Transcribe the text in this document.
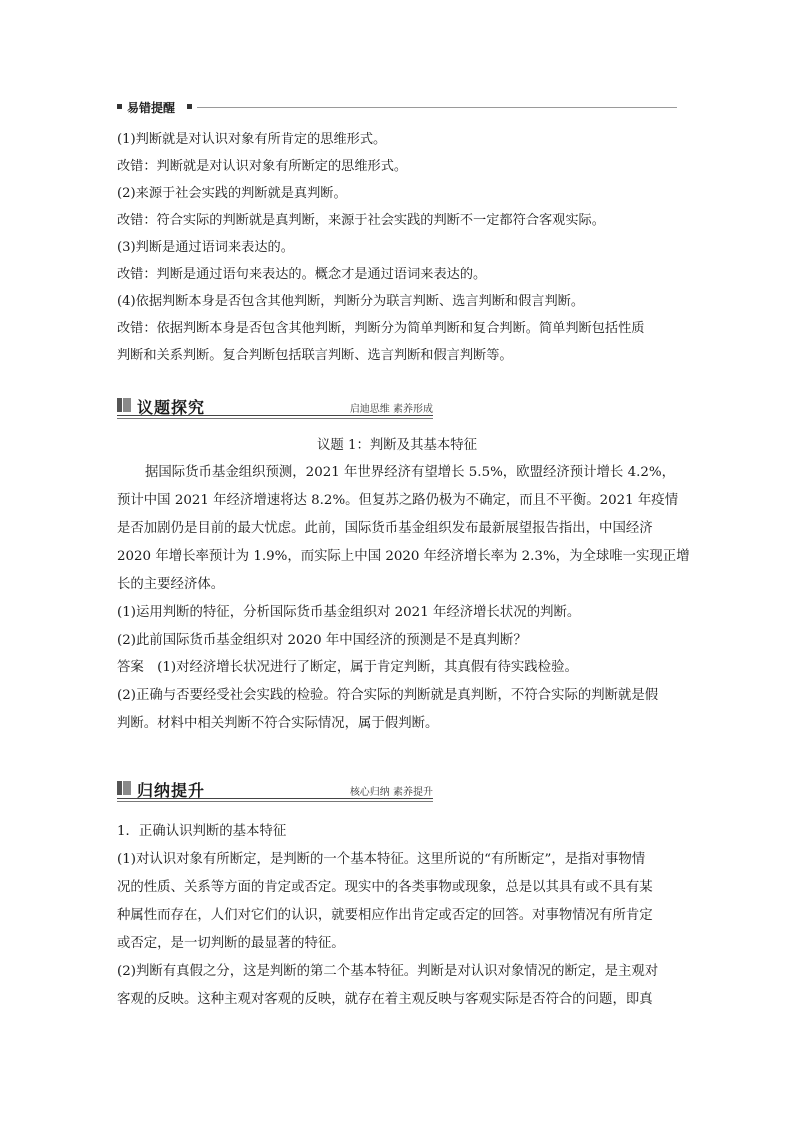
易错提醒
(1)判断就是对认识对象有所肯定的思维形式。
改错：判断就是对认识对象有所断定的思维形式。
(2)来源于社会实践的判断就是真判断。
改错：符合实际的判断就是真判断，来源于社会实践的判断不一定都符合客观实际。
(3)判断是通过语词来表达的。
改错：判断是通过语句来表达的。概念才是通过语词来表达的。
(4)依据判断本身是否包含其他判断，判断分为联言判断、选言判断和假言判断。
改错：依据判断本身是否包含其他判断，判断分为简单判断和复合判断。简单判断包括性质
判断和关系判断。复合判断包括联言判断、选言判断和假言判断等。
议题探究	启迪思维 素养形成
议题 1：判断及其基本特征
据国际货币基金组织预测，2021 年世界经济有望增长 5.5%，欧盟经济预计增长 4.2%，
预计中国 2021 年经济增速将达 8.2%。但复苏之路仍极为不确定，而且不平衡。2021 年疫情
是否加剧仍是目前的最大忧虑。此前，国际货币基金组织发布最新展望报告指出，中国经济
2020 年增长率预计为 1.9%，而实际上中国 2020 年经济增长率为 2.3%，为全球唯一实现正增
长的主要经济体。
(1)运用判断的特征，分析国际货币基金组织对 2021 年经济增长状况的判断。
(2)此前国际货币基金组织对 2020 年中国经济的预测是不是真判断？
答案　(1)对经济增长状况进行了断定，属于肯定判断，其真假有待实践检验。
(2)正确与否要经受社会实践的检验。符合实际的判断就是真判断，不符合实际的判断就是假
判断。材料中相关判断不符合实际情况，属于假判断。
归纳提升	核心归纳 素养提升
1．正确认识判断的基本特征
(1)对认识对象有所断定，是判断的一个基本特征。这里所说的“有所断定”，是指对事物情
况的性质、关系等方面的肯定或否定。现实中的各类事物或现象，总是以其具有或不具有某
种属性而存在，人们对它们的认识，就要相应作出肯定或否定的回答。对事物情况有所肯定
或否定，是一切判断的最显著的特征。
(2)判断有真假之分，这是判断的第二个基本特征。判断是对认识对象情况的断定，是主观对
客观的反映。这种主观对客观的反映，就存在着主观反映与客观实际是否符合的问题，即真
